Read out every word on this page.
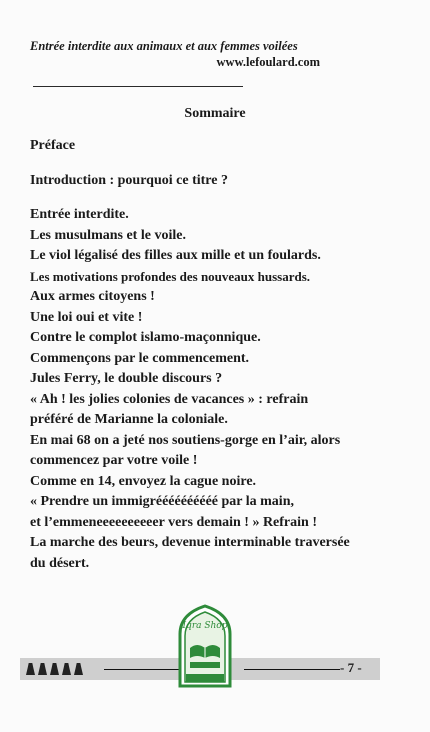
Entrée interdite aux animaux et aux femmes voilées
www.lefoulard.com
Sommaire
Préface
Introduction : pourquoi ce titre ?
Entrée interdite.
Les musulmans et le voile.
Le viol légalisé des filles aux mille et un foulards.
Les motivations profondes des nouveaux hussards.
Aux armes citoyens !
Une loi oui et vite !
Contre le complot islamo-maçonnique.
Commençons par le commencement.
Jules Ferry, le double discours ?
« Ah ! les jolies colonies de vacances » : refrain
préféré de Marianne la coloniale.
En mai 68 on a jeté nos soutiens-gorge en l’air, alors
commencez par votre voile !
Comme en 14, envoyez la cague noire.
« Prendre un immigréééééééééé par la main,
et l’emmeneeeeeeeeeer vers demain ! » Refrain !
La marche des beurs, devenue interminable traversée
du désert.
- 7 -
Iqra Shop
